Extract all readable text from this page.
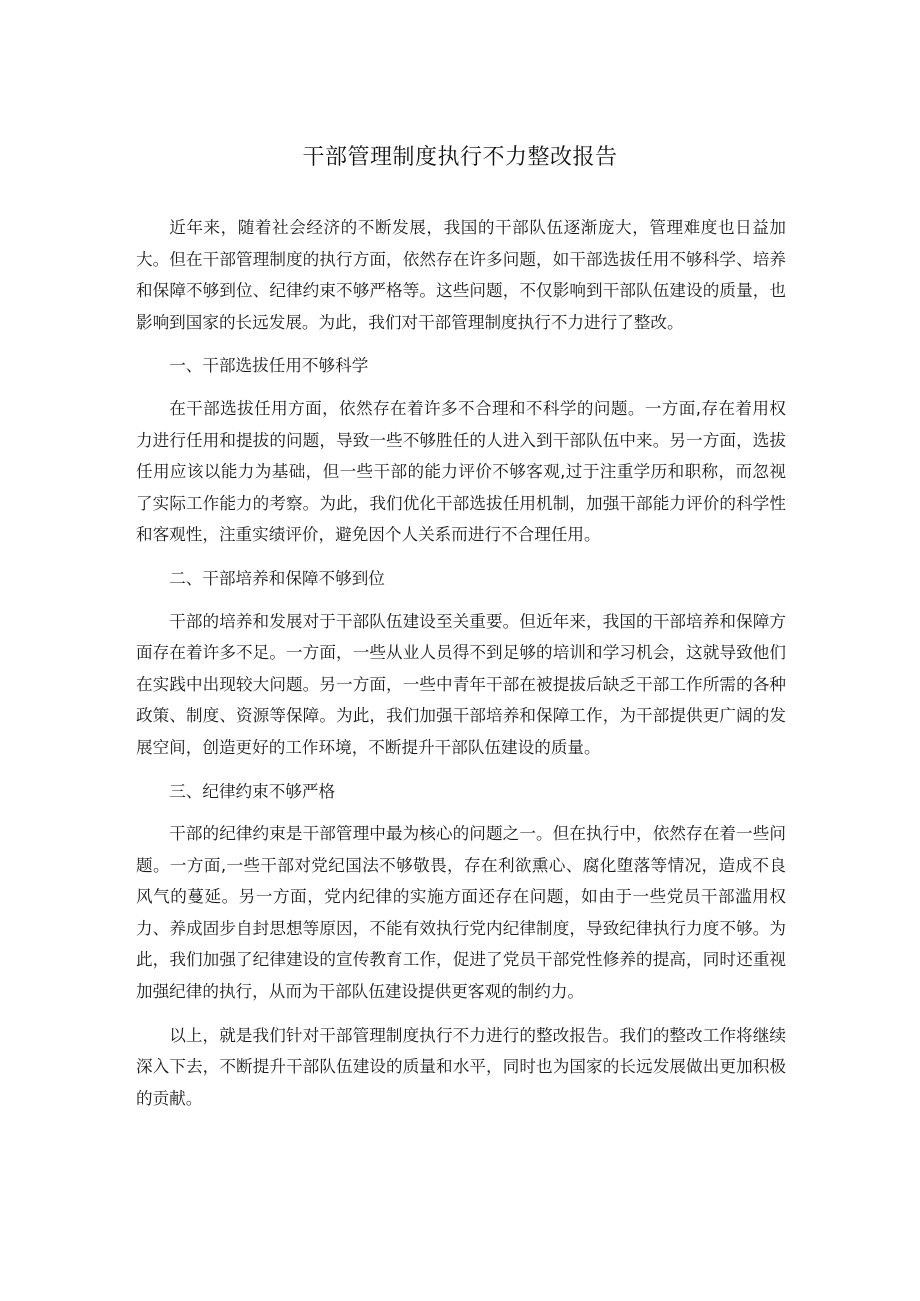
干部管理制度执行不力整改报告

近年来，随着社会经济的不断发展，我国的干部队伍逐渐庞大，管理难度也日益加大。但在干部管理制度的执行方面，依然存在许多问题，如干部选拔任用不够科学、培养和保障不够到位、纪律约束不够严格等。这些问题，不仅影响到干部队伍建设的质量，也影响到国家的长远发展。为此，我们对干部管理制度执行不力进行了整改。

一、干部选拔任用不够科学

在干部选拔任用方面，依然存在着许多不合理和不科学的问题。一方面,存在着用权力进行任用和提拔的问题，导致一些不够胜任的人进入到干部队伍中来。另一方面，选拔任用应该以能力为基础，但一些干部的能力评价不够客观,过于注重学历和职称，而忽视了实际工作能力的考察。为此，我们优化干部选拔任用机制，加强干部能力评价的科学性和客观性，注重实绩评价，避免因个人关系而进行不合理任用。

二、干部培养和保障不够到位

干部的培养和发展对于干部队伍建设至关重要。但近年来，我国的干部培养和保障方面存在着许多不足。一方面，一些从业人员得不到足够的培训和学习机会，这就导致他们在实践中出现较大问题。另一方面，一些中青年干部在被提拔后缺乏干部工作所需的各种政策、制度、资源等保障。为此，我们加强干部培养和保障工作，为干部提供更广阔的发展空间，创造更好的工作环境，不断提升干部队伍建设的质量。

三、纪律约束不够严格

干部的纪律约束是干部管理中最为核心的问题之一。但在执行中，依然存在着一些问题。一方面,一些干部对党纪国法不够敬畏，存在利欲熏心、腐化堕落等情况，造成不良风气的蔓延。另一方面，党内纪律的实施方面还存在问题，如由于一些党员干部滥用权力、养成固步自封思想等原因，不能有效执行党内纪律制度，导致纪律执行力度不够。为此，我们加强了纪律建设的宣传教育工作，促进了党员干部党性修养的提高，同时还重视加强纪律的执行，从而为干部队伍建设提供更客观的制约力。

以上，就是我们针对干部管理制度执行不力进行的整改报告。我们的整改工作将继续深入下去，不断提升干部队伍建设的质量和水平，同时也为国家的长远发展做出更加积极的贡献。
